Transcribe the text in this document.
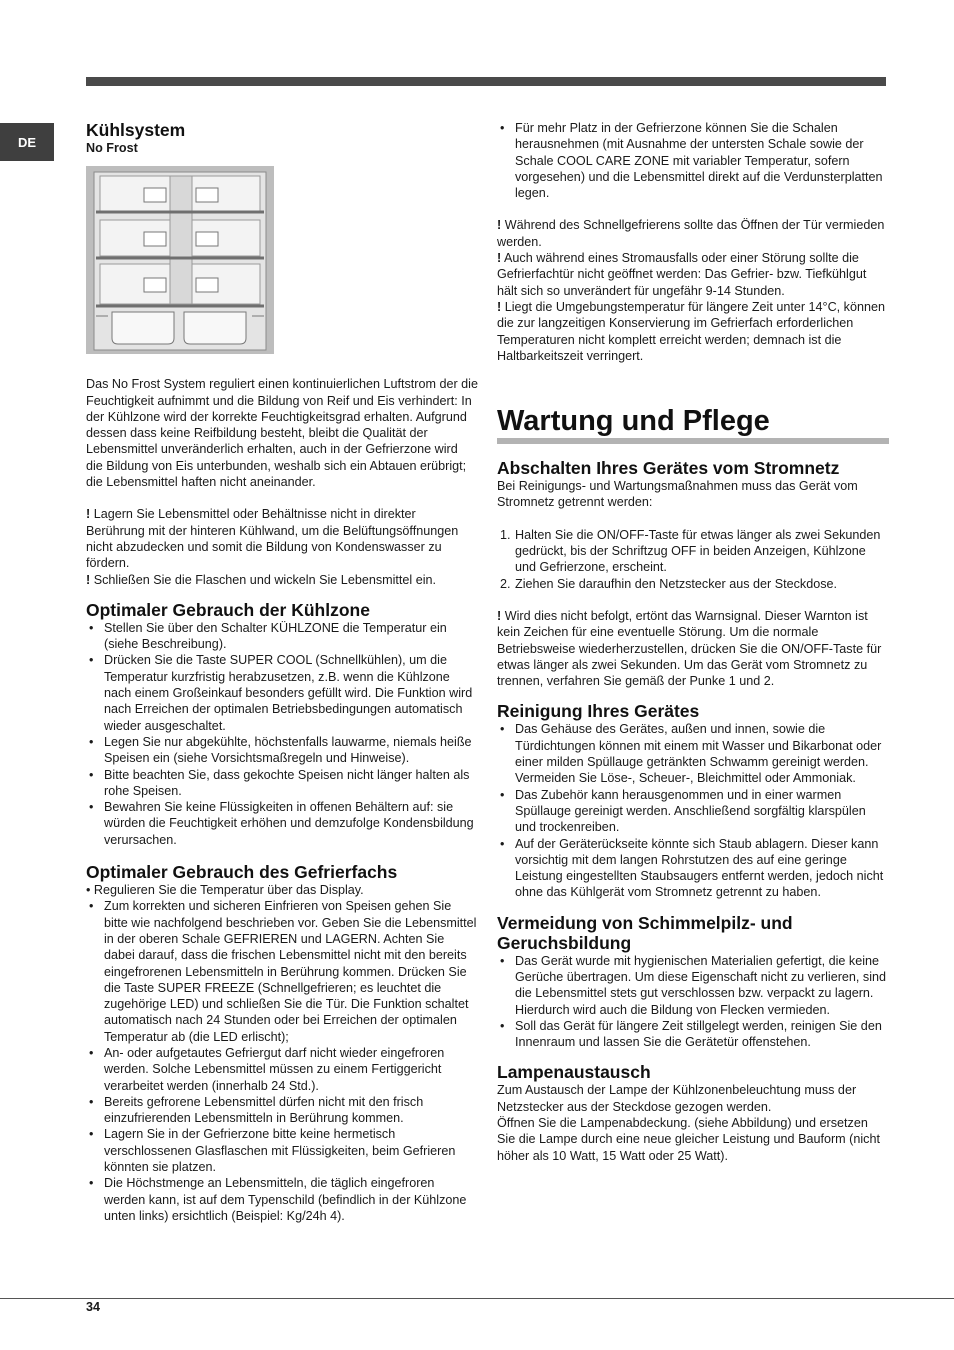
DE
Kühlsystem
No Frost

Das No Frost System reguliert einen kontinuierlichen Luftstrom der die Feuchtigkeit aufnimmt und die Bildung von Reif und Eis verhindert: In der Kühlzone wird der korrekte Feuchtigkeitsgrad erhalten. Aufgrund dessen dass keine Reifbildung besteht, bleibt die Qualität der Lebensmittel unveränderlich erhalten, auch in der Gefrierzone wird die Bildung von Eis unterbunden, weshalb sich ein Abtauen erübrigt; die Lebensmittel haften nicht aneinander.

! Lagern Sie Lebensmittel oder Behältnisse nicht in direkter Berührung mit der hinteren Kühlwand, um die Belüftungsöffnungen nicht abzudecken und somit die Bildung von Kondenswasser zu fördern.

! Schließen Sie die Flaschen und wickeln Sie Lebensmittel ein.

Optimaler Gebrauch der Kühlzone
• Stellen Sie über den Schalter KÜHLZONE die Temperatur ein (siehe Beschreibung).
• Drücken Sie die Taste SUPER COOL (Schnellkühlen), um die Temperatur kurzfristig herabzusetzen, z.B. wenn die Kühlzone nach einem Großeinkauf besonders gefüllt wird. Die Funktion wird nach Erreichen der optimalen Betriebsbedingungen automatisch wieder ausgeschaltet.
• Legen Sie nur abgekühlte, höchstenfalls lauwarme, niemals heiße Speisen ein (siehe Vorsichtsmaßregeln und Hinweise).
• Bitte beachten Sie, dass gekochte Speisen nicht länger halten als rohe Speisen.
• Bewahren Sie keine Flüssigkeiten in offenen Behältern auf: sie würden die Feuchtigkeit erhöhen und demzufolge Kondensbildung verursachen.
Optimaler Gebrauch des Gefrierfachs

• Regulieren Sie die Temperatur über das Display.

• Zum korrekten und sicheren Einfrieren von Speisen gehen Sie bitte wie nachfolgend beschrieben vor. Geben Sie die Lebensmittel in der oberen Schale GEFRIEREN und LAGERN. Achten Sie dabei darauf, dass die frischen Lebensmittel nicht mit den bereits eingefrorenen Lebensmitteln in Berührung kommen. Drücken Sie die Taste SUPER FREEZE (Schnellgefrieren; es leuchtet die zugehörige LED) und schließen Sie die Tür. Die Funktion schaltet automatisch nach 24 Stunden oder bei Erreichen der optimalen Temperatur ab (die LED erlischt);
• An- oder aufgetautes Gefriergut darf nicht wieder eingefroren werden. Solche Lebensmittel müssen zu einem Fertiggericht verarbeitet werden (innerhalb 24 Std.).
• Bereits gefrorene Lebensmittel dürfen nicht mit den frisch einzufrierenden Lebensmitteln in Berührung kommen.
• Lagern Sie in der Gefrierzone bitte keine hermetisch verschlossenen Glasflaschen mit Flüssigkeiten, beim Gefrieren könnten sie platzen.
• Die Höchstmenge an Lebensmitteln, die täglich eingefroren werden kann, ist auf dem Typenschild (befindlich in der Kühlzone unten links) ersichtlich (Beispiel: Kg/24h 4).
• Für mehr Platz in der Gefrierzone können Sie die Schalen herausnehmen (mit Ausnahme der untersten Schale sowie der Schale COOL CARE ZONE mit variabler Temperatur, sofern vorgesehen) und die Lebensmittel direkt auf die Verdunsterplatten legen.

! Während des Schnellgefrierens sollte das Öffnen der Tür vermieden werden.

! Auch während eines Stromausfalls oder einer Störung sollte die Gefrierfachtür nicht geöffnet werden: Das Gefrier- bzw. Tiefkühlgut hält sich so unverändert für ungefähr 9-14 Stunden.

! Liegt die Umgebungstemperatur für längere Zeit unter 14°C, können die zur langzeitigen Konservierung im Gefrierfach erforderlichen Temperaturen nicht komplett erreicht werden; demnach ist die Haltbarkeitszeit verringert.

Wartung und Pflege
Abschalten Ihres Gerätes vom Stromnetz

Bei Reinigungs- und Wartungsmaßnahmen muss das Gerät vom Stromnetz getrennt werden:

1. Halten Sie die ON/OFF-Taste für etwas länger als zwei Sekunden gedrückt, bis der Schriftzug OFF in beiden Anzeigen, Kühlzone und Gefrierzone, erscheint.
2. Ziehen Sie daraufhin den Netzstecker aus der Steckdose.

! Wird dies nicht befolgt, ertönt das Warnsignal. Dieser Warnton ist kein Zeichen für eine eventuelle Störung. Um die normale Betriebsweise wiederherzustellen, drücken Sie die ON/OFF-Taste für etwas länger als zwei Sekunden. Um das Gerät vom Stromnetz zu trennen, verfahren Sie gemäß der Punke 1 und 2.

Reinigung Ihres Gerätes
• Das Gehäuse des Gerätes, außen und innen, sowie die Türdichtungen können mit einem mit Wasser und Bikarbonat oder einer milden Spüllauge getränkten Schwamm gereinigt werden. Vermeiden Sie Löse-, Scheuer-, Bleichmittel oder Ammoniak.
• Das Zubehör kann herausgenommen und in einer warmen Spüllauge gereinigt werden. Anschließend sorgfältig klarspülen und trockenreiben.
• Auf der Geräterückseite könnte sich Staub ablagern. Dieser kann vorsichtig mit dem langen Rohrstutzen des auf eine geringe Leistung eingestellten Staubsaugers entfernt werden, jedoch nicht ohne das Kühlgerät vom Stromnetz getrennt zu haben.
Vermeidung von Schimmelpilz- und Geruchsbildung
• Das Gerät wurde mit hygienischen Materialien gefertigt, die keine Gerüche übertragen. Um diese Eigenschaft nicht zu verlieren, sind die Lebensmittel stets gut verschlossen bzw. verpackt zu lagern. Hierdurch wird auch die Bildung von Flecken vermieden.
• Soll das Gerät für längere Zeit stillgelegt werden, reinigen Sie den Innenraum und lassen Sie die Gerätetür offenstehen.
Lampenaustausch

Zum Austausch der Lampe der Kühlzonenbeleuchtung muss der Netzstecker aus der Steckdose gezogen werden.

Öffnen Sie die Lampenabdeckung. (siehe Abbildung) und ersetzen Sie die Lampe durch eine neue gleicher Leistung und Bauform (nicht höher als 10 Watt, 15 Watt oder 25 Watt).

34
